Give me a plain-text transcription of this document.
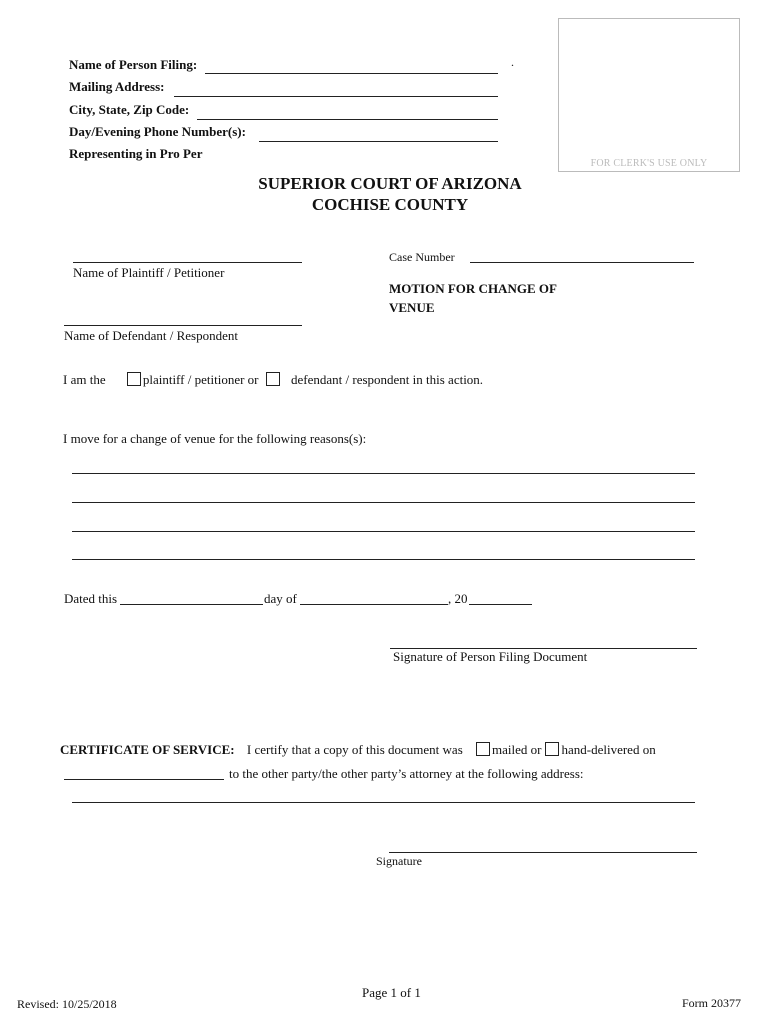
Name of Person Filing:	.
Mailing Address:
City, State, Zip Code:
Day/Evening Phone Number(s):
Representing in Pro Per
FOR CLERK'S USE ONLY
SUPERIOR COURT OF ARIZONA
COCHISE COUNTY
Name of Plaintiff / Petitioner
Case Number
MOTION FOR CHANGE OF
VENUE
Name of Defendant / Respondent
I am the	plaintiff / petitioner or	defendant / respondent in this action.
I move for a change of venue for the following reasons(s):
Dated this	day of	, 20
Signature of Person Filing Document
CERTIFICATE OF SERVICE: I certify that a copy of this document was mailed or hand-delivered on
to the other party/the other party’s attorney at the following address:
Signature
Page 1 of 1
Revised: 10/25/2018	Form 20377
